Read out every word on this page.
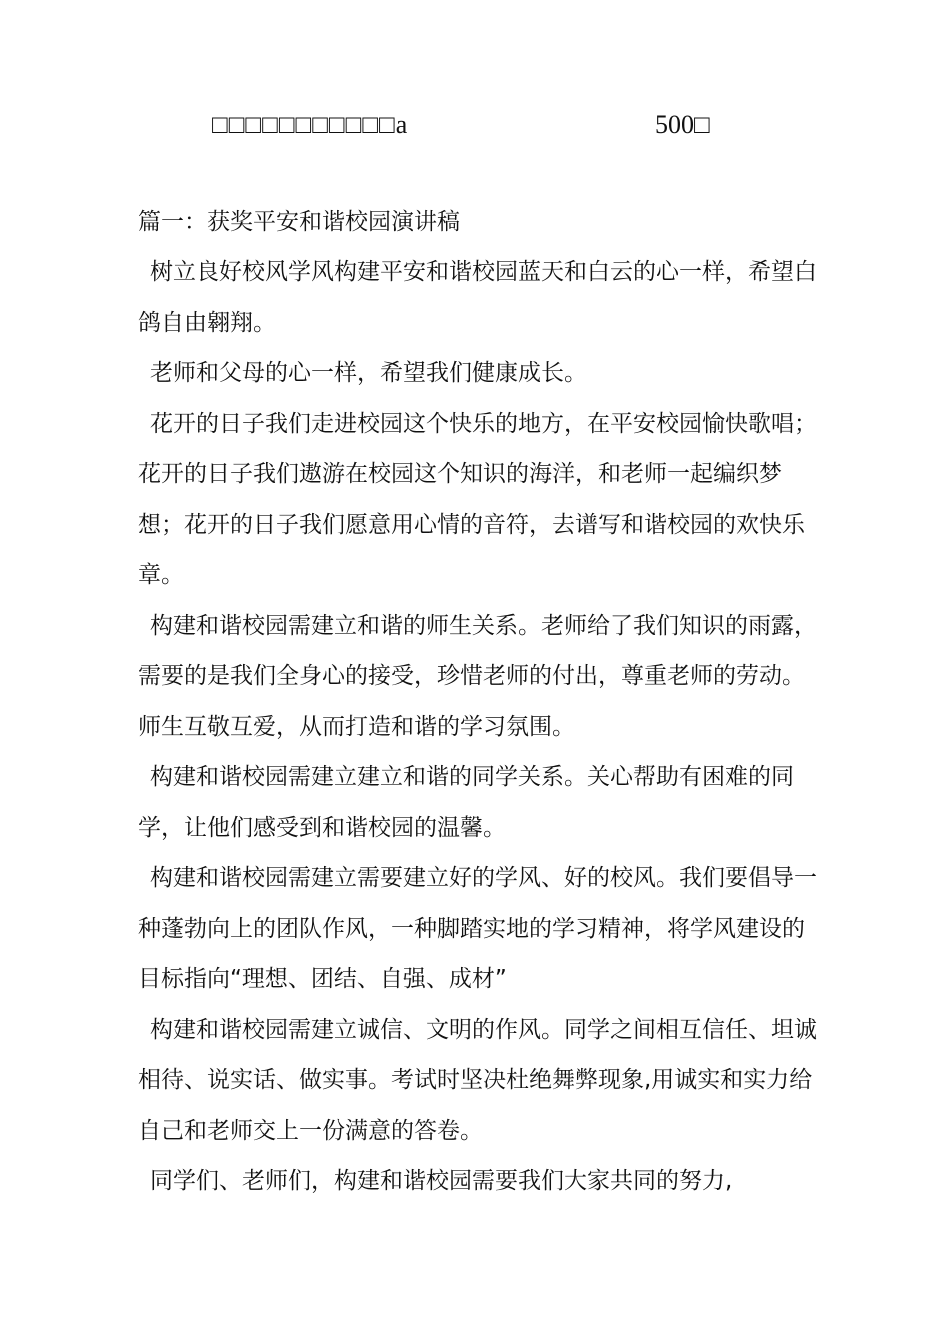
□□□□□□□□□□□a	500□
篇一：获奖平安和谐校园演讲稿

树立良好校风学风构建平安和谐校园蓝天和白云的心一样，希望白鸽自由翱翔。

老师和父母的心一样，希望我们健康成长。

花开的日子我们走进校园这个快乐的地方，在平安校园愉快歌唱；花开的日子我们遨游在校园这个知识的海洋，和老师一起编织梦想；花开的日子我们愿意用心情的音符，去谱写和谐校园的欢快乐章。

构建和谐校园需建立和谐的师生关系。老师给了我们知识的雨露，需要的是我们全身心的接受，珍惜老师的付出，尊重老师的劳动。师生互敬互爱，从而打造和谐的学习氛围。

构建和谐校园需建立建立和谐的同学关系。关心帮助有困难的同学，让他们感受到和谐校园的温馨。

构建和谐校园需建立需要建立好的学风、好的校风。我们要倡导一种蓬勃向上的团队作风，一种脚踏实地的学习精神，将学风建设的目标指向“理想、团结、自强、成材”

构建和谐校园需建立诚信、文明的作风。同学之间相互信任、坦诚相待、说实话、做实事。考试时坚决杜绝舞弊现象,用诚实和实力给自己和老师交上一份满意的答卷。

同学们、老师们，构建和谐校园需要我们大家共同的努力,
